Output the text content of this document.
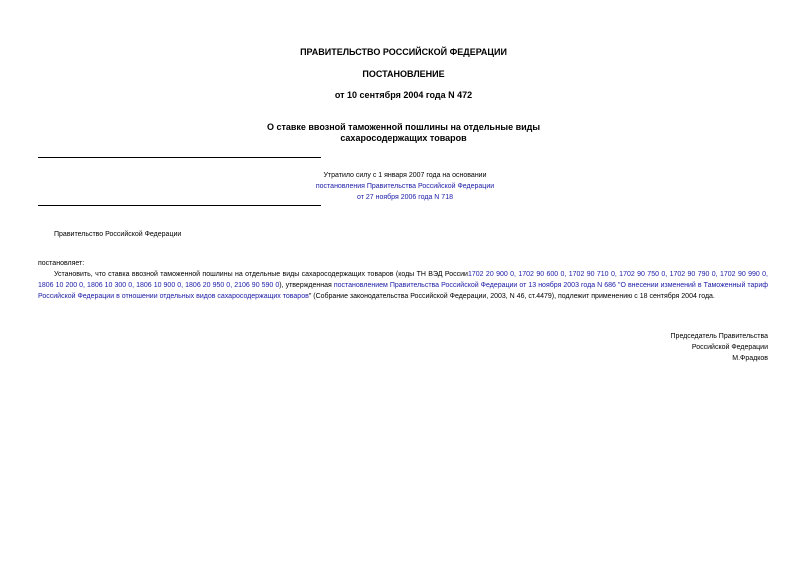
ПРАВИТЕЛЬСТВО РОССИЙСКОЙ ФЕДЕРАЦИИ
ПОСТАНОВЛЕНИЕ
от 10 сентября 2004 года N 472
О ставке ввозной таможенной пошлины на отдельные виды
сахаросодержащих товаров
Утратило силу с 1 января 2007 года на основании
постановления Правительства Российской Федерации
от 27 ноября 2006 года N 718
Правительство Российской Федерации
постановляет:
Установить, что ставка ввозной таможенной пошлины на отдельные виды сахаросодержащих товаров (коды ТН ВЭД России1702 20 900 0, 1702 90 600 0, 1702 90 710 0, 1702 90 750 0, 1702 90 790 0, 1702 90 990 0, 1806 10 200 0, 1806 10 300 0, 1806 10 900 0, 1806 20 950 0, 2106 90 590 0), утвержденная постановлением Правительства Российской Федерации от 13 ноября 2003 года N 686 "О внесении изменений в Таможенный тариф Российской Федерации в отношении отдельных видов сахаросодержащих товаров" (Собрание законодательства Российской Федерации, 2003, N 46, ст.4479), подлежит применению с 18 сентября 2004 года.
Председатель Правительства
Российской Федерации
М.Фрадков
